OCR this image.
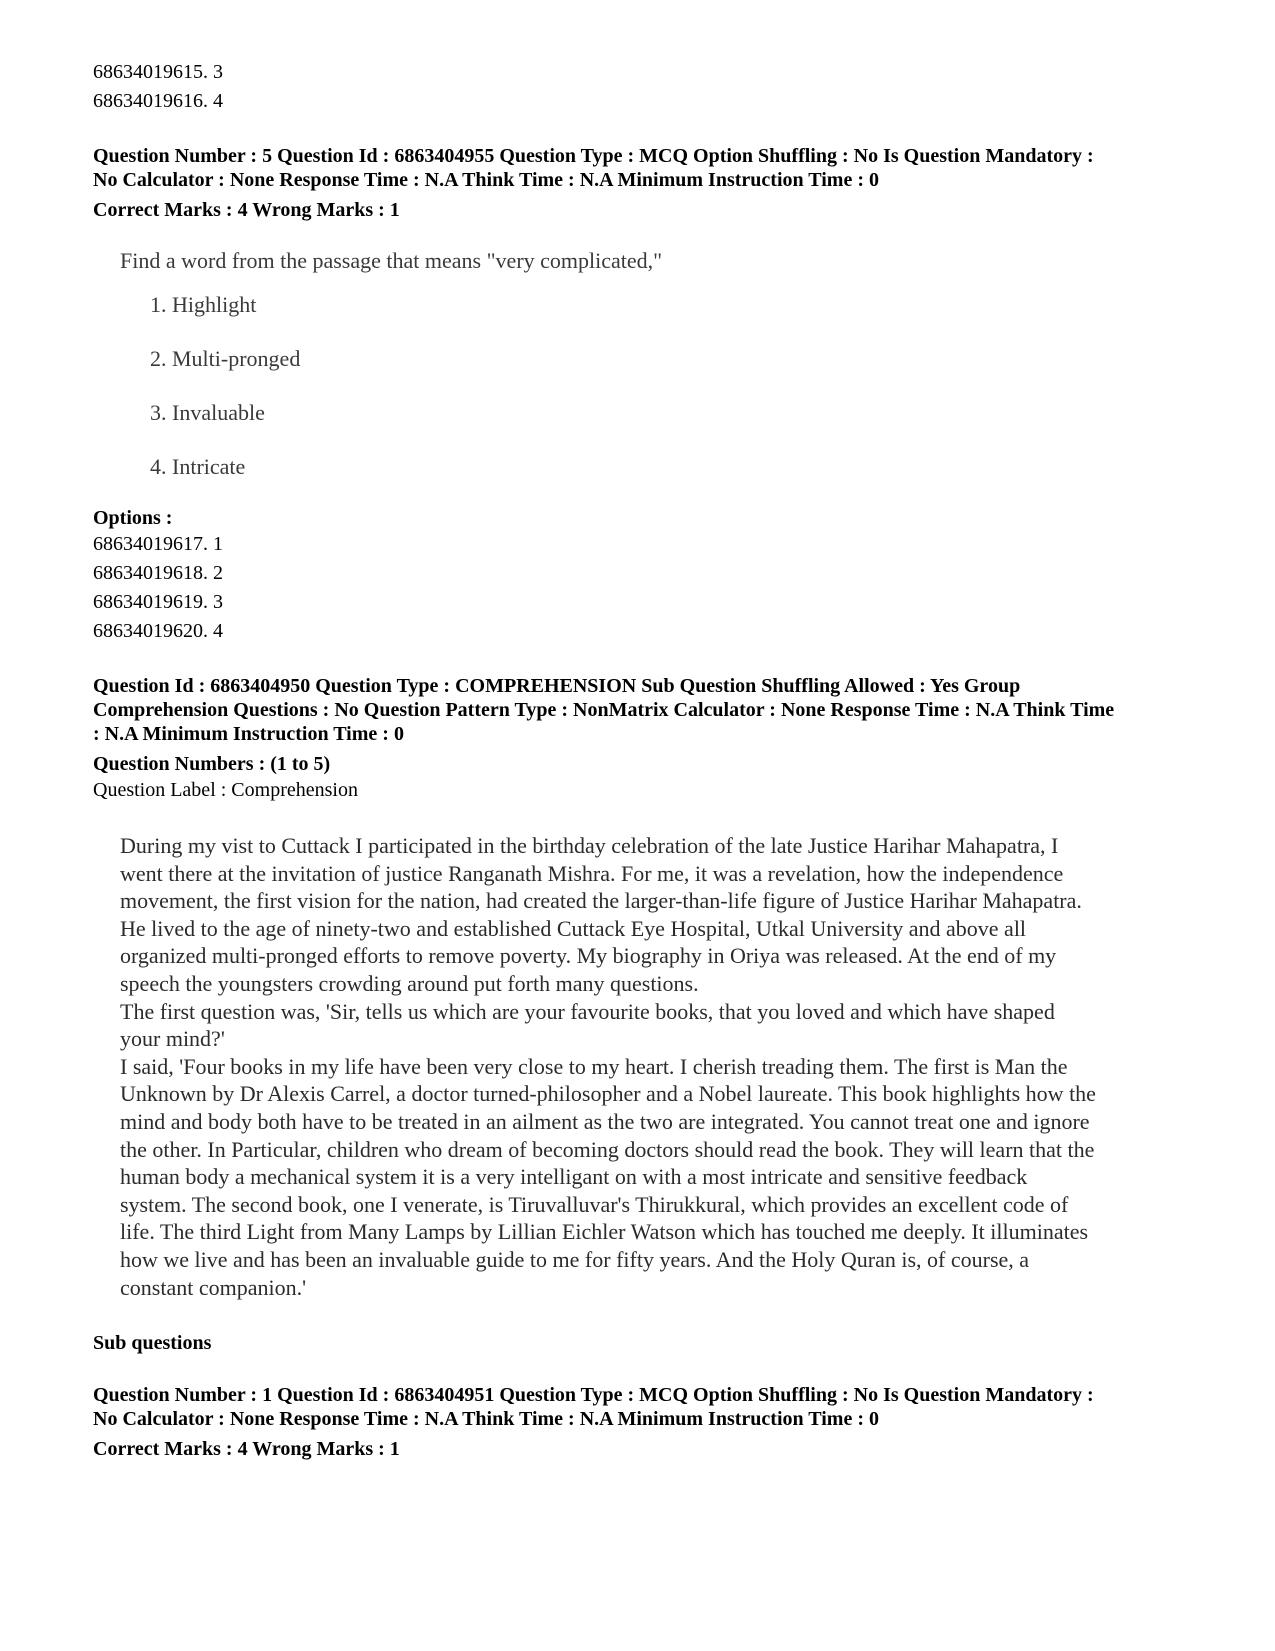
68634019615. 3
68634019616. 4
Question Number : 5 Question Id : 6863404955 Question Type : MCQ Option Shuffling : No Is Question Mandatory :
No Calculator : None Response Time : N.A Think Time : N.A Minimum Instruction Time : 0
Correct Marks : 4 Wrong Marks : 1
Find a word from the passage that means "very complicated,"
1. Highlight
2. Multi-pronged
3. Invaluable
4. Intricate
Options :
68634019617. 1
68634019618. 2
68634019619. 3
68634019620. 4
Question Id : 6863404950 Question Type : COMPREHENSION Sub Question Shuffling Allowed : Yes Group
Comprehension Questions : No Question Pattern Type : NonMatrix Calculator : None Response Time : N.A Think Time
: N.A Minimum Instruction Time : 0
Question Numbers : (1 to 5)
Question Label : Comprehension

During my vist to Cuttack I participated in the birthday celebration of the late Justice Harihar Mahapatra, I

went there at the invitation of justice Ranganath Mishra. For me, it was a revelation, how the independence

movement, the first vision for the nation, had created the larger-than-life figure of Justice Harihar Mahapatra.

He lived to the age of ninety-two and established Cuttack Eye Hospital, Utkal University and above all

organized multi-pronged efforts to remove poverty. My biography in Oriya was released. At the end of my

speech the youngsters crowding around put forth many questions.

The first question was, 'Sir, tells us which are your favourite books, that you loved and which have shaped

your mind?'

I said, 'Four books in my life have been very close to my heart. I cherish treading them. The first is Man the

Unknown by Dr Alexis Carrel, a doctor turned-philosopher and a Nobel laureate. This book highlights how the

mind and body both have to be treated in an ailment as the two are integrated. You cannot treat one and ignore

the other. In Particular, children who dream of becoming doctors should read the book. They will learn that the

human body a mechanical system it is a very intelligant on with a most intricate and sensitive feedback

system. The second book, one I venerate, is Tiruvalluvar's Thirukkural, which provides an excellent code of

life. The third Light from Many Lamps by Lillian Eichler Watson which has touched me deeply. It illuminates

how we live and has been an invaluable guide to me for fifty years. And the Holy Quran is, of course, a

constant companion.'

Sub questions
Question Number : 1 Question Id : 6863404951 Question Type : MCQ Option Shuffling : No Is Question Mandatory :
No Calculator : None Response Time : N.A Think Time : N.A Minimum Instruction Time : 0
Correct Marks : 4 Wrong Marks : 1
